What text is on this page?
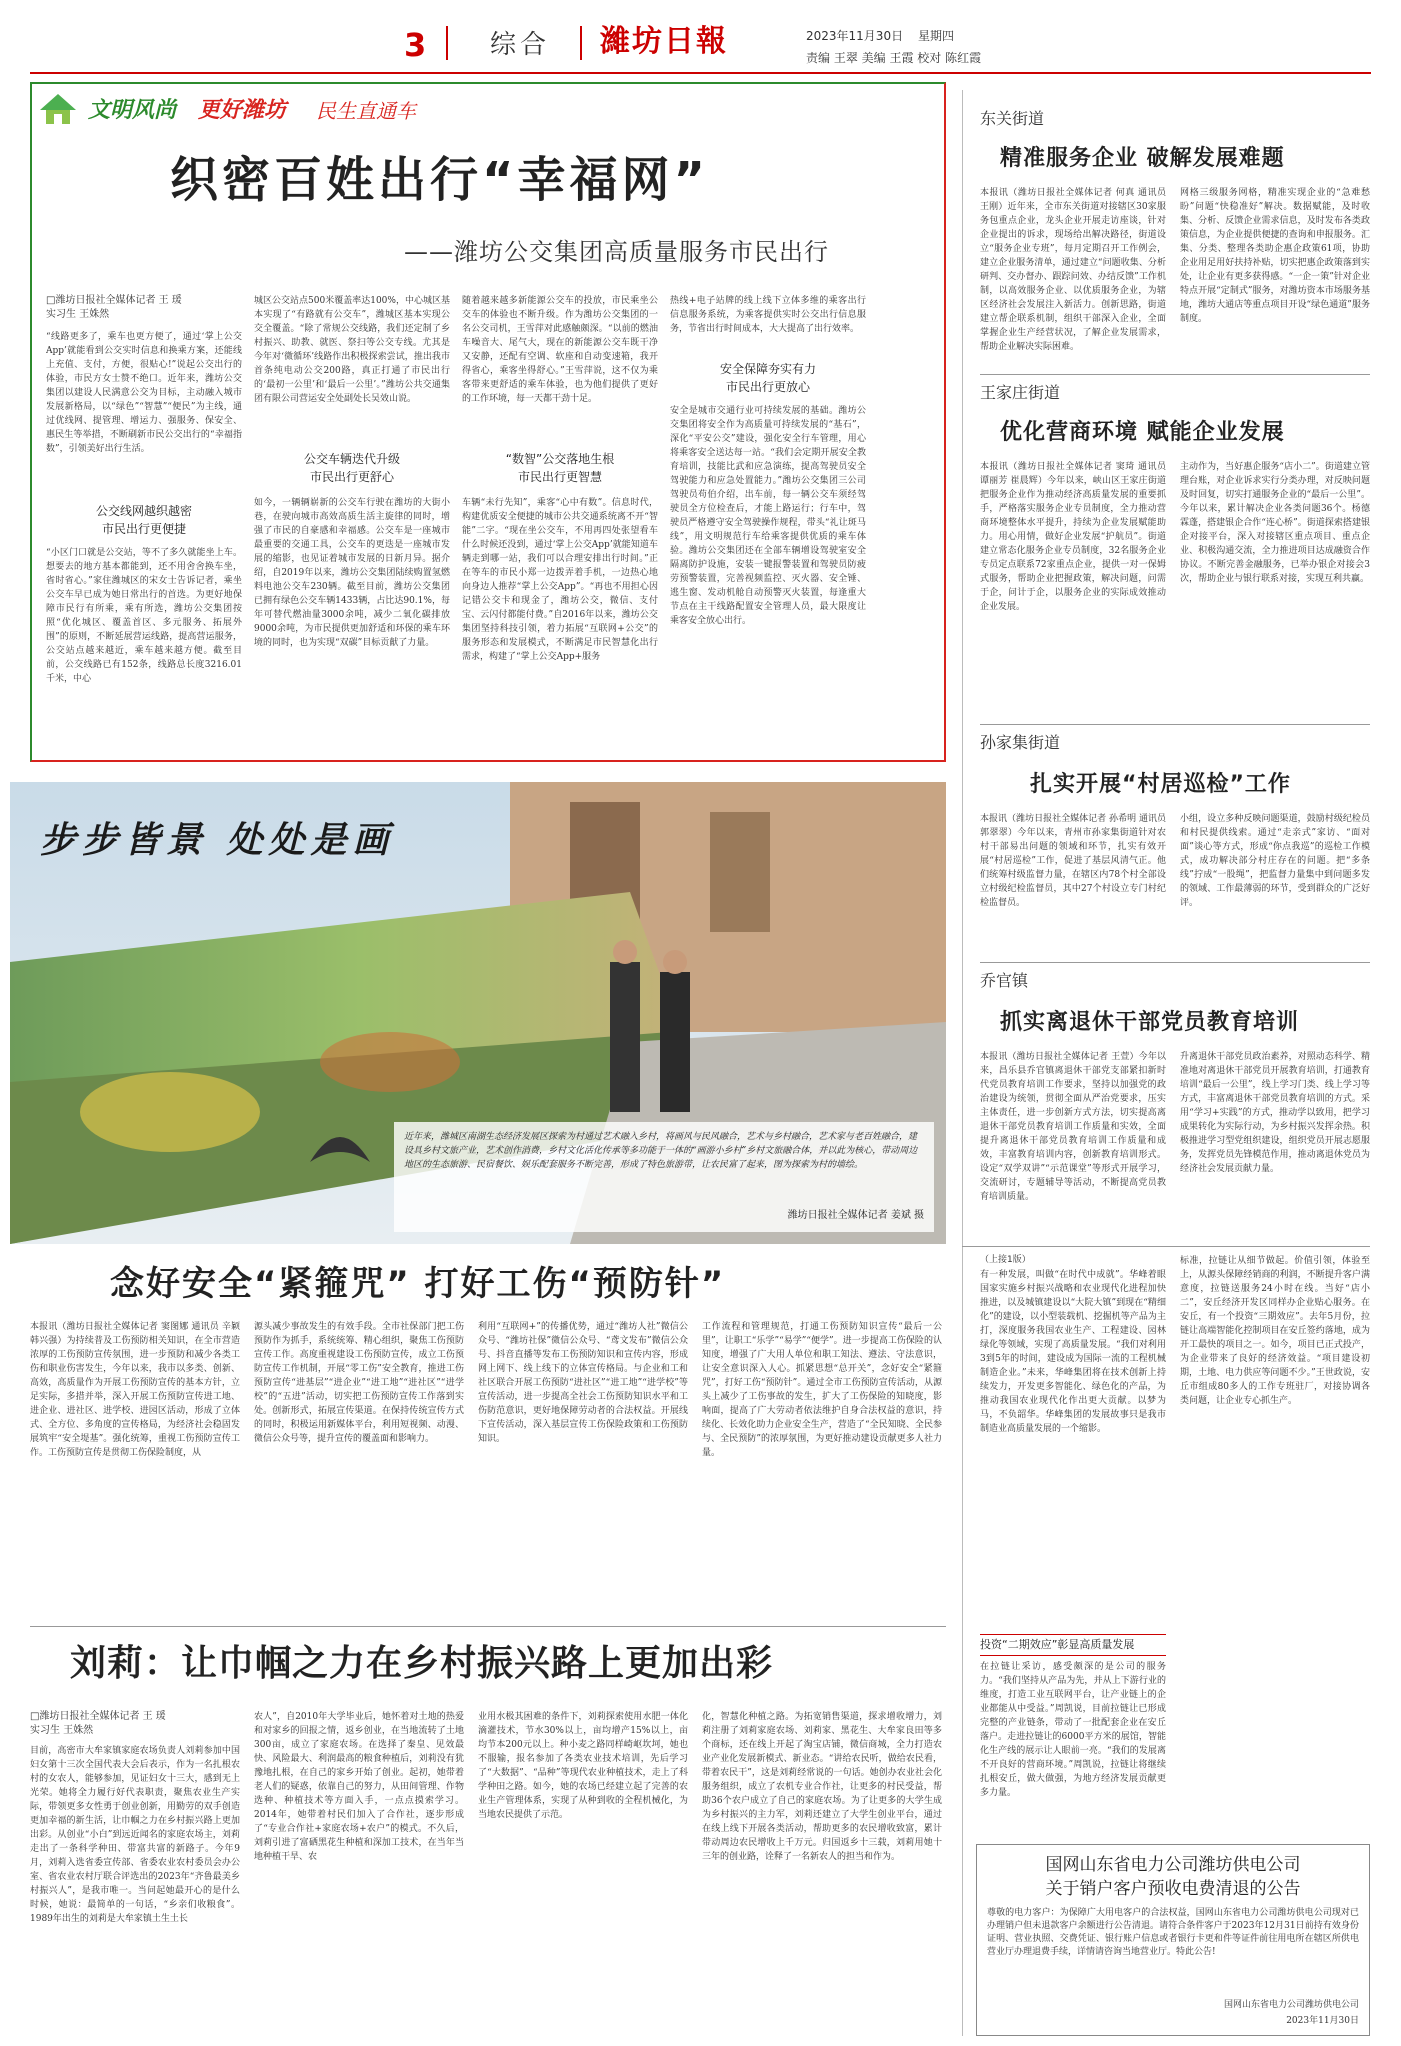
3 综合 濰坊日報	2023年11月30日 星期四
责编 王翠 美编 王霞 校对 陈红霞
文明风尚 更好潍坊 民生直通车
织密百姓出行“幸福网”
——潍坊公交集团高质量服务市民出行
□潍坊日报社全媒体记者 王 瑗
实习生 王姝然
“线路更多了，乘车也更方便了，通过‘掌上公交App’就能看到公交实时信息和换乘方案，还能线上充值、支付，方便，很贴心!”说起公交出行的体验，市民方女士赞不绝口。近年来，潍坊公交集团以建设人民满意公交为目标，主动融入城市发展新格局，以“绿色”“智慧”“便民”为主线，通过优线网、提管理、增运力、强服务、保安全、惠民生等举措，不断刷新市民公交出行的“幸福指数”，引领美好出行生活。
公交线网越织越密
市民出行更便捷
“小区门口就是公交站，等不了多久就能坐上车。想要去的地方基本都能到，还不用舍舍换车坐，省时省心。”家住潍城区的宋女士告诉记者，乘坐公交车早已成为她日常出行的首选。为更好地保障市民行有所乘，乘有所选，潍坊公交集团按照“优化城区、覆盖首区、多元服务、拓展外围”的原则，不断延展营运线路，提高营运服务，公交站点越来越近，乘车越来越方便。截至目前，公交线路已有152条，线路总长度3216.01千米，中心
城区公交站点500米覆盖率达100%，中心城区基本实现了“有路就有公交车”，潍城区基本实现公交全覆盖。“除了常规公交线路，我们还定制了乡村振兴、助教、就医、祭扫等公交专线。尤其是今年对‘微循环’线路作出积极探索尝试，推出我市首条纯电动公交200路，真正打通了市民出行的‘最初一公里’和‘最后一公里’。”潍坊公共交通集团有限公司营运安全处副处长吴效山说。
公交车辆迭代升级
市民出行更舒心
如今，一辆辆崭新的公交车行驶在潍坊的大街小巷，在驶向城市高效高质生活主旋律的同时，增强了市民的自豪感和幸福感。公交车是一座城市最重要的交通工具，公交车的更迭是一座城市发展的缩影，也见证着城市发展的日新月异。据介绍，自2019年以来，潍坊公交集团陆续购置氢燃料电池公交车230辆。截至目前，潍坊公交集团已拥有绿色公交车辆1433辆，占比达90.1%，每年可替代燃油量3000余吨，减少二氧化碳排放9000余吨，为市民提供更加舒适和环保的乘车环境的同时，也为实现“双碳”目标贡献了力量。
随着越来越多新能源公交车的投放，市民乘坐公交车的体验也不断升级。作为潍坊公交集团的一名公交司机，王雪萍对此感触颇深。“以前的燃油车噪音大、尾气大，现在的新能源公交车既干净又安静，还配有空调、软座和自动变速箱，我开得省心，乘客坐得舒心。”王雪萍说，这不仅为乘客带来更舒适的乘车体验，也为他们提供了更好的工作环境，每一天都干劲十足。
“数智”公交落地生根
市民出行更智慧
车辆“未行先知”，乘客“心中有数”。信息时代，构建优质安全便捷的城市公共交通系统离不开“智能”二字。“现在坐公交车，不用再四处张望看车什么时候还没到，通过‘掌上公交App’就能知道车辆走到哪一站，我们可以合理安排出行时间。”正在等车的市民小郑一边拨弄着手机，一边热心地向身边人推荐“掌上公交App”。“再也不用担心因记错公交卡和现金了，潍坊公交，微信、支付宝、云闪付都能付费。”自2016年以来，潍坊公交集团坚持科技引领，着力拓展“互联网+公交”的服务形态和发展模式，不断满足市民智慧化出行需求，构建了“掌上公交App+服务
热线+电子站牌的线上线下立体多维的乘客出行信息服务系统，为乘客提供实时公交出行信息服务，节省出行时间成本，大大提高了出行效率。
安全保障夯实有力
市民出行更放心
安全是城市交通行业可持续发展的基础。潍坊公交集团将安全作为高质量可持续发展的“基石”，深化“平安公交”建设，强化安全行车管理，用心将乘客安全送达每一站。“我们会定期开展安全教育培训，技能比武和应急演练，提高驾驶员安全驾驶能力和应急处置能力。”潍坊公交集团三公司驾驶员苟伯介绍，出车前，每一辆公交车须经驾驶员全方位检查后，才能上路运行；行车中，驾驶员严格遵守安全驾驶操作规程，带头“礼让斑马线”，用文明规范行车给乘客提供优质的乘车体验。潍坊公交集团还在全部车辆增设驾驶室安全隔离防护设施，安装一键报警装置和驾驶员防疲劳预警装置，完善视频监控、灭火器、安全锤、逃生窗、发动机舱自动预警灭火装置，每逢重大节点在主干线路配置安全管理人员，最大限度让乘客安全放心出行。
步步皆景 处处是画
近年来，潍城区南湖生态经济发展区探索为村通过艺术融入乡村，将画风与民风融合，艺术与乡村融合，艺术家与老百姓融合，建设具乡村文旅产业，艺术创作消费，乡村文化活化传承等多功能于一体的“画游小乡村”乡村文旅融合体，并以此为核心，带动周边地区的生态旅游、民宿餐饮、娱乐配套服务不断完善，形成了特色旅游带，让农民富了起来，图为探索为村的墙绘。
潍坊日报社全媒体记者 姜斌 摄
念好安全“紧箍咒” 打好工伤“预防针”
本报讯（潍坊日报社全媒体记者 窦图娜 通讯员 辛颖 韩兴强）为持续普及工伤预防相关知识，在全市营造浓厚的工伤预防宣传氛围，进一步预防和减少各类工伤和职业伤害发生，今年以来，我市以多类、创新、高效，高质量作为开展工伤预防宣传的基本方针，立足实际，多措并举，深入开展工伤预防宣传进工地、进企业、进社区、进学校、进园区活动，形成了立体式、全方位、多角度的宣传格局，为经济社会稳固发展筑牢“安全堤基”。强化统筹，重视工伤预防宣传工作。工伤预防宣传是贯彻工伤保险制度，从
源头减少事故发生的有效手段。全市社保部门把工伤预防作为抓手，系统统筹、精心组织，聚焦工伤预防宣传工作。高度重视建设工伤预防宣传，成立工伤预防宣传工作机制，开展“零工伤”安全教育，推进工伤预防宣传“进基层”“进企业”“进工地”“进社区”“进学校”的“五进”活动，切实把工伤预防宣传工作落到实处。创新形式，拓展宣传渠道。在保持传统宣传方式的同时，积极运用新媒体平台，利用短视频、动漫、微信公众号等，提升宣传的覆盖面和影响力。
利用“互联网+”的传播优势，通过“潍坊人社”微信公众号、“潍坊社保”微信公众号、“鸢文发布”微信公众号、抖音直播等发布工伤预防知识和宣传内容，形成网上网下、线上线下的立体宣传格局。与企业和工和社区联合开展工伤预防“进社区”“进工地”“进学校”等宣传活动，进一步提高全社会工伤预防知识水平和工伤防范意识，更好地保障劳动者的合法权益。开展线下宣传活动，深入基层宣传工伤保险政策和工伤预防知识。
工作流程和管理规范，打通工伤预防知识宣传“最后一公里”，让职工“乐学”“易学”“便学”。进一步提高工伤保险的认知度，增强了广大用人单位和职工知法、遵法、守法意识，让安全意识深入人心。抓紧思想“总开关”，念好安全“紧箍咒”，打好工伤“预防针”。通过全市工伤预防宣传活动，从源头上减少了工伤事故的发生，扩大了工伤保险的知晓度，影响面，提高了广大劳动者依法维护自身合法权益的意识，持续化、长效化助力企业安全生产，营造了“全民知晓、全民参与、全民预防”的浓厚氛围，为更好推动建设贡献更多人社力量。
刘莉：让巾帼之力在乡村振兴路上更加出彩
□潍坊日报社全媒体记者 王 瑗
实习生 王姝然
目前，高密市大牟家镇家庭农场负责人刘莉参加中国妇女第十三次全国代表大会后表示，作为一名扎根农村的女农人，能够参加，见证妇女十三大，感到无上光荣。她将全力履行好代表职责，聚焦农业生产实际，带领更多女性勇于创业创新，用勤劳的双手创造更加幸福的新生活，让巾帼之力在乡村振兴路上更加出彩。从创业“小白”到远近闻名的家庭农场主，刘莉走出了一条科学种田、带富共富的新路子。今年9月，刘莉入选省委宣传部、省委农业农村委员会办公室、省农业农村厅联合评选出的2023年“齐鲁最美乡村振兴人”，是我市唯一。当问起她最开心的是什么时候，她说：最简单的一句话，“乡亲们收粮食”。1989年出生的刘莉是大牟家镇土生土长
农人”，自2010年大学毕业后，她怀着对土地的热爱和对家乡的回报之情，返乡创业，在当地流转了土地300亩，成立了家庭农场。在选择了秦皇、见效最快、风险最大、利润最高的粮食种植后，刘莉没有犹豫地扎根，在自己的家乡开始了创业。起初，她带着老人们的疑惑，依靠自己的努力，从田间管理、作物选种、种植技术等方面入手，一点点摸索学习。2014年，她带着村民们加入了合作社，逐步形成了“专业合作社+家庭农场+农户”的模式。不久后，刘莉引进了富硒黑花生种植和深加工技术，在当年当地种植干旱、农
业用水极其困难的条件下，刘莉探索使用水肥一体化滴灌技术，节水30%以上，亩均增产15%以上，亩均节本200元以上。种小麦之路同样崎岖坎坷，她也不服输，报名参加了各类农业技术培训，先后学习了“大数据”、“品种”等现代农业种植技术，走上了科学种田之路。如今，她的农场已经建立起了完善的农业生产管理体系，实现了从种到收的全程机械化，为当地农民提供了示范。
化，智慧化种植之路。为拓宽销售渠道，探求增收增力，刘莉注册了刘莉家庭农场、刘莉家、黑花生、大牟家良田等多个商标，还在线上开起了淘宝店铺，微信商城，全力打造农业产业化发展新模式、新业态。“讲给农民听，做给农民看，带着农民干”，这是刘莉经常说的一句话。她创办农业社会化服务组织，成立了农机专业合作社，让更多的村民受益，帮助36个农户成立了自己的家庭农场。为了让更多的大学生成为乡村振兴的主力军，刘莉还建立了大学生创业平台，通过在线上线下开展各类活动，帮助更多的农民增收致富，累计带动周边农民增收上千万元。归国返乡十三载，刘莉用她十三年的创业路，诠释了一名新农人的担当和作为。
东关街道
精准服务企业 破解发展难题
本报讯（潍坊日报社全媒体记者 何真 通讯员 王刚）近年来，全市东关街道对接辖区30家服务包重点企业，龙头企业开展走访座谈，针对企业提出的诉求，现场给出解决路径，街道设立“服务企业专班”，每月定期召开工作例会，建立企业服务清单，通过建立“问题收集、分析研判、交办督办、跟踪问效、办结反馈”工作机制，以高效服务企业、以优质服务企业，为辖区经济社会发展注入新活力。创新思路，街道建立帮企联系机制，组织干部深入企业，全面掌握企业生产经营状况，了解企业发展需求，帮助企业解决实际困难。
网格三级服务网格，精准实现企业的“急难愁盼”问题“快稳准好”解决。数据赋能，及时收集、分析、反馈企业需求信息，及时发布各类政策信息，为企业提供便捷的查询和申报服务。汇集、分类、整理各类助企惠企政策61项，协助企业用足用好扶持补贴，切实把惠企政策落到实处，让企业有更多获得感。“一企一策”针对企业特点开展“定制式”服务，对潍坊资本市场服务基地，潍坊大通店等重点项目开设“绿色通道”服务制度。
王家庄街道
优化营商环境 赋能企业发展
本报讯（潍坊日报社全媒体记者 窦琦 通讯员 谭丽芳 崔晨辉）今年以来，峡山区王家庄街道把服务企业作为推动经济高质量发展的重要抓手，严格落实服务企业专员制度，全力推动营商环境整体水平提升，持续为企业发展赋能助力。用心用情，做好企业发展“护航员”。街道建立常态化服务企业专员制度，32名服务企业专员定点联系72家重点企业，提供一对一保姆式服务，帮助企业把握政策，解决问题，问需于企，问计于企，以服务企业的实际成效推动企业发展。
主动作为，当好惠企服务“店小二”。街道建立管理台账，对企业诉求实行分类办理，对反映问题及时回复，切实打通服务企业的“最后一公里”。今年以来，累计解决企业各类问题36个。杨德霖蓬，搭建银企合作“连心桥”。街道探索搭建银企对接平台，深入对接辖区重点项目、重点企业、积极沟通交流，全力推进项目达成融资合作协议。不断完善金融服务，已举办银企对接会3次，帮助企业与银行联系对接，实现互利共赢。
孙家集街道
扎实开展“村居巡检”工作
本报讯（潍坊日报社全媒体记者 孙希明 通讯员 郭翠翠）今年以来，青州市孙家集街道针对农村干部易出问题的领域和环节，扎实有效开展“村居巡检”工作，促进了基层风清气正。他们统筹村级监督力量，在辖区内78个村全部设立村级纪检监督员，其中27个村设立专门村纪检监督员。
小组，设立多种反映问题渠道，鼓励村级纪检员和村民提供线索。通过“走亲式”家访、“面对面”谈心等方式，形成“你点我巡”的巡检工作模式，成功解决部分村庄存在的问题。把“多条线”拧成“一股绳”，把监督力量集中到问题多发的领域、工作最薄弱的环节，受到群众的广泛好评。
乔官镇
抓实离退休干部党员教育培训
本报讯（潍坊日报社全媒体记者 王萱）今年以来，昌乐县乔官镇离退休干部党支部紧扣新时代党员教育培训工作要求，坚持以加强党的政治建设为统领，贯彻全面从严治党要求，压实主体责任，进一步创新方式方法，切实提高离退休干部党员教育培训工作质量和实效，全面提升离退休干部党员教育培训工作质量和成效，丰富教育培训内容，创新教育培训形式。设定“双学双讲”“示范课堂”等形式开展学习，交流研讨，专题辅导等活动，不断提高党员教育培训质量。
升离退休干部党员政治素养，对照动态科学、精准地对离退休干部党员开展教育培训，打通教育培训“最后一公里”，线上学习门类、线上学习等方式，丰富离退休干部党员教育培训的方式。采用“学习+实践”的方式，推动学以致用，把学习成果转化为实际行动，为乡村振兴发挥余热。积极推进学习型党组织建设，组织党员开展志愿服务，发挥党员先锋模范作用，推动离退休党员为经济社会发展贡献力量。
（上接1版）
有一种发展，叫做“在时代中成就”。华峰着眼国家实施乡村振兴战略和农业现代化进程加快推进，以及城镇建设以“大院大镇”到现在“精细化”的建设，以小型装载机、挖掘机等产品为主打，深度服务我国农业生产、工程建设、园林绿化等领域，实现了高质量发展。“我们对利用3到5年的时间，建设成为国际一流的工程机械制造企业。”未来，华峰集团将在技术创新上持续发力，开发更多智能化、绿色化的产品，为推动我国农业现代化作出更大贡献。以梦为马，不负韶华。华峰集团的发展故事只是我市制造业高质量发展的一个缩影。
标准，拉链让从细节做起。价值引领，体验至上，从源头保障经销商的利润，不断提升客户满意度，拉链送服务24小时在线。当好“店小二”，安丘经济开发区同样办企业贴心服务。在安丘，有一个投资“三期效应”。去年5月份，拉链让高端智能化控制项目在安丘签约落地，成为开工最快的项目之一。如今，项目已正式投产，为企业带来了良好的经济效益。“项目建设初期，土地、电力供应等问题不少。”王世政说，安丘市组成80多人的工作专班驻厂，对接协调各类问题，让企业专心抓生产。
投资“二期效应”彰显高质量发展
在拉链让采访，感受颇深的是公司的服务力。“我们坚持从产品为先，并从上下游行业的维度，打造工业互联网平台，让产业链上的企业都能从中受益。”周凯说，目前拉链让已形成完整的产业链条，带动了一批配套企业在安丘落户。走进拉链让的6000平方米的展馆，智能化生产线的展示让人眼前一亮。“我们的发展离不开良好的营商环境。”周凯说，拉链让将继续扎根安丘，做大做强，为地方经济发展贡献更多力量。
国网山东省电力公司潍坊供电公司
关于销户客户预收电费清退的公告
尊敬的电力客户：为保障广大用电客户的合法权益，国网山东省电力公司潍坊供电公司现对已办理销户但未退款客户余额进行公告清退。请符合条件客户于2023年12月31日前持有效身份证明、营业执照、交费凭证、银行账户信息或者银行卡更和件等证件前往用电所在辖区所供电营业厅办理退费手续，详情请咨询当地营业厅。特此公告!
国网山东省电力公司潍坊供电公司
2023年11月30日
